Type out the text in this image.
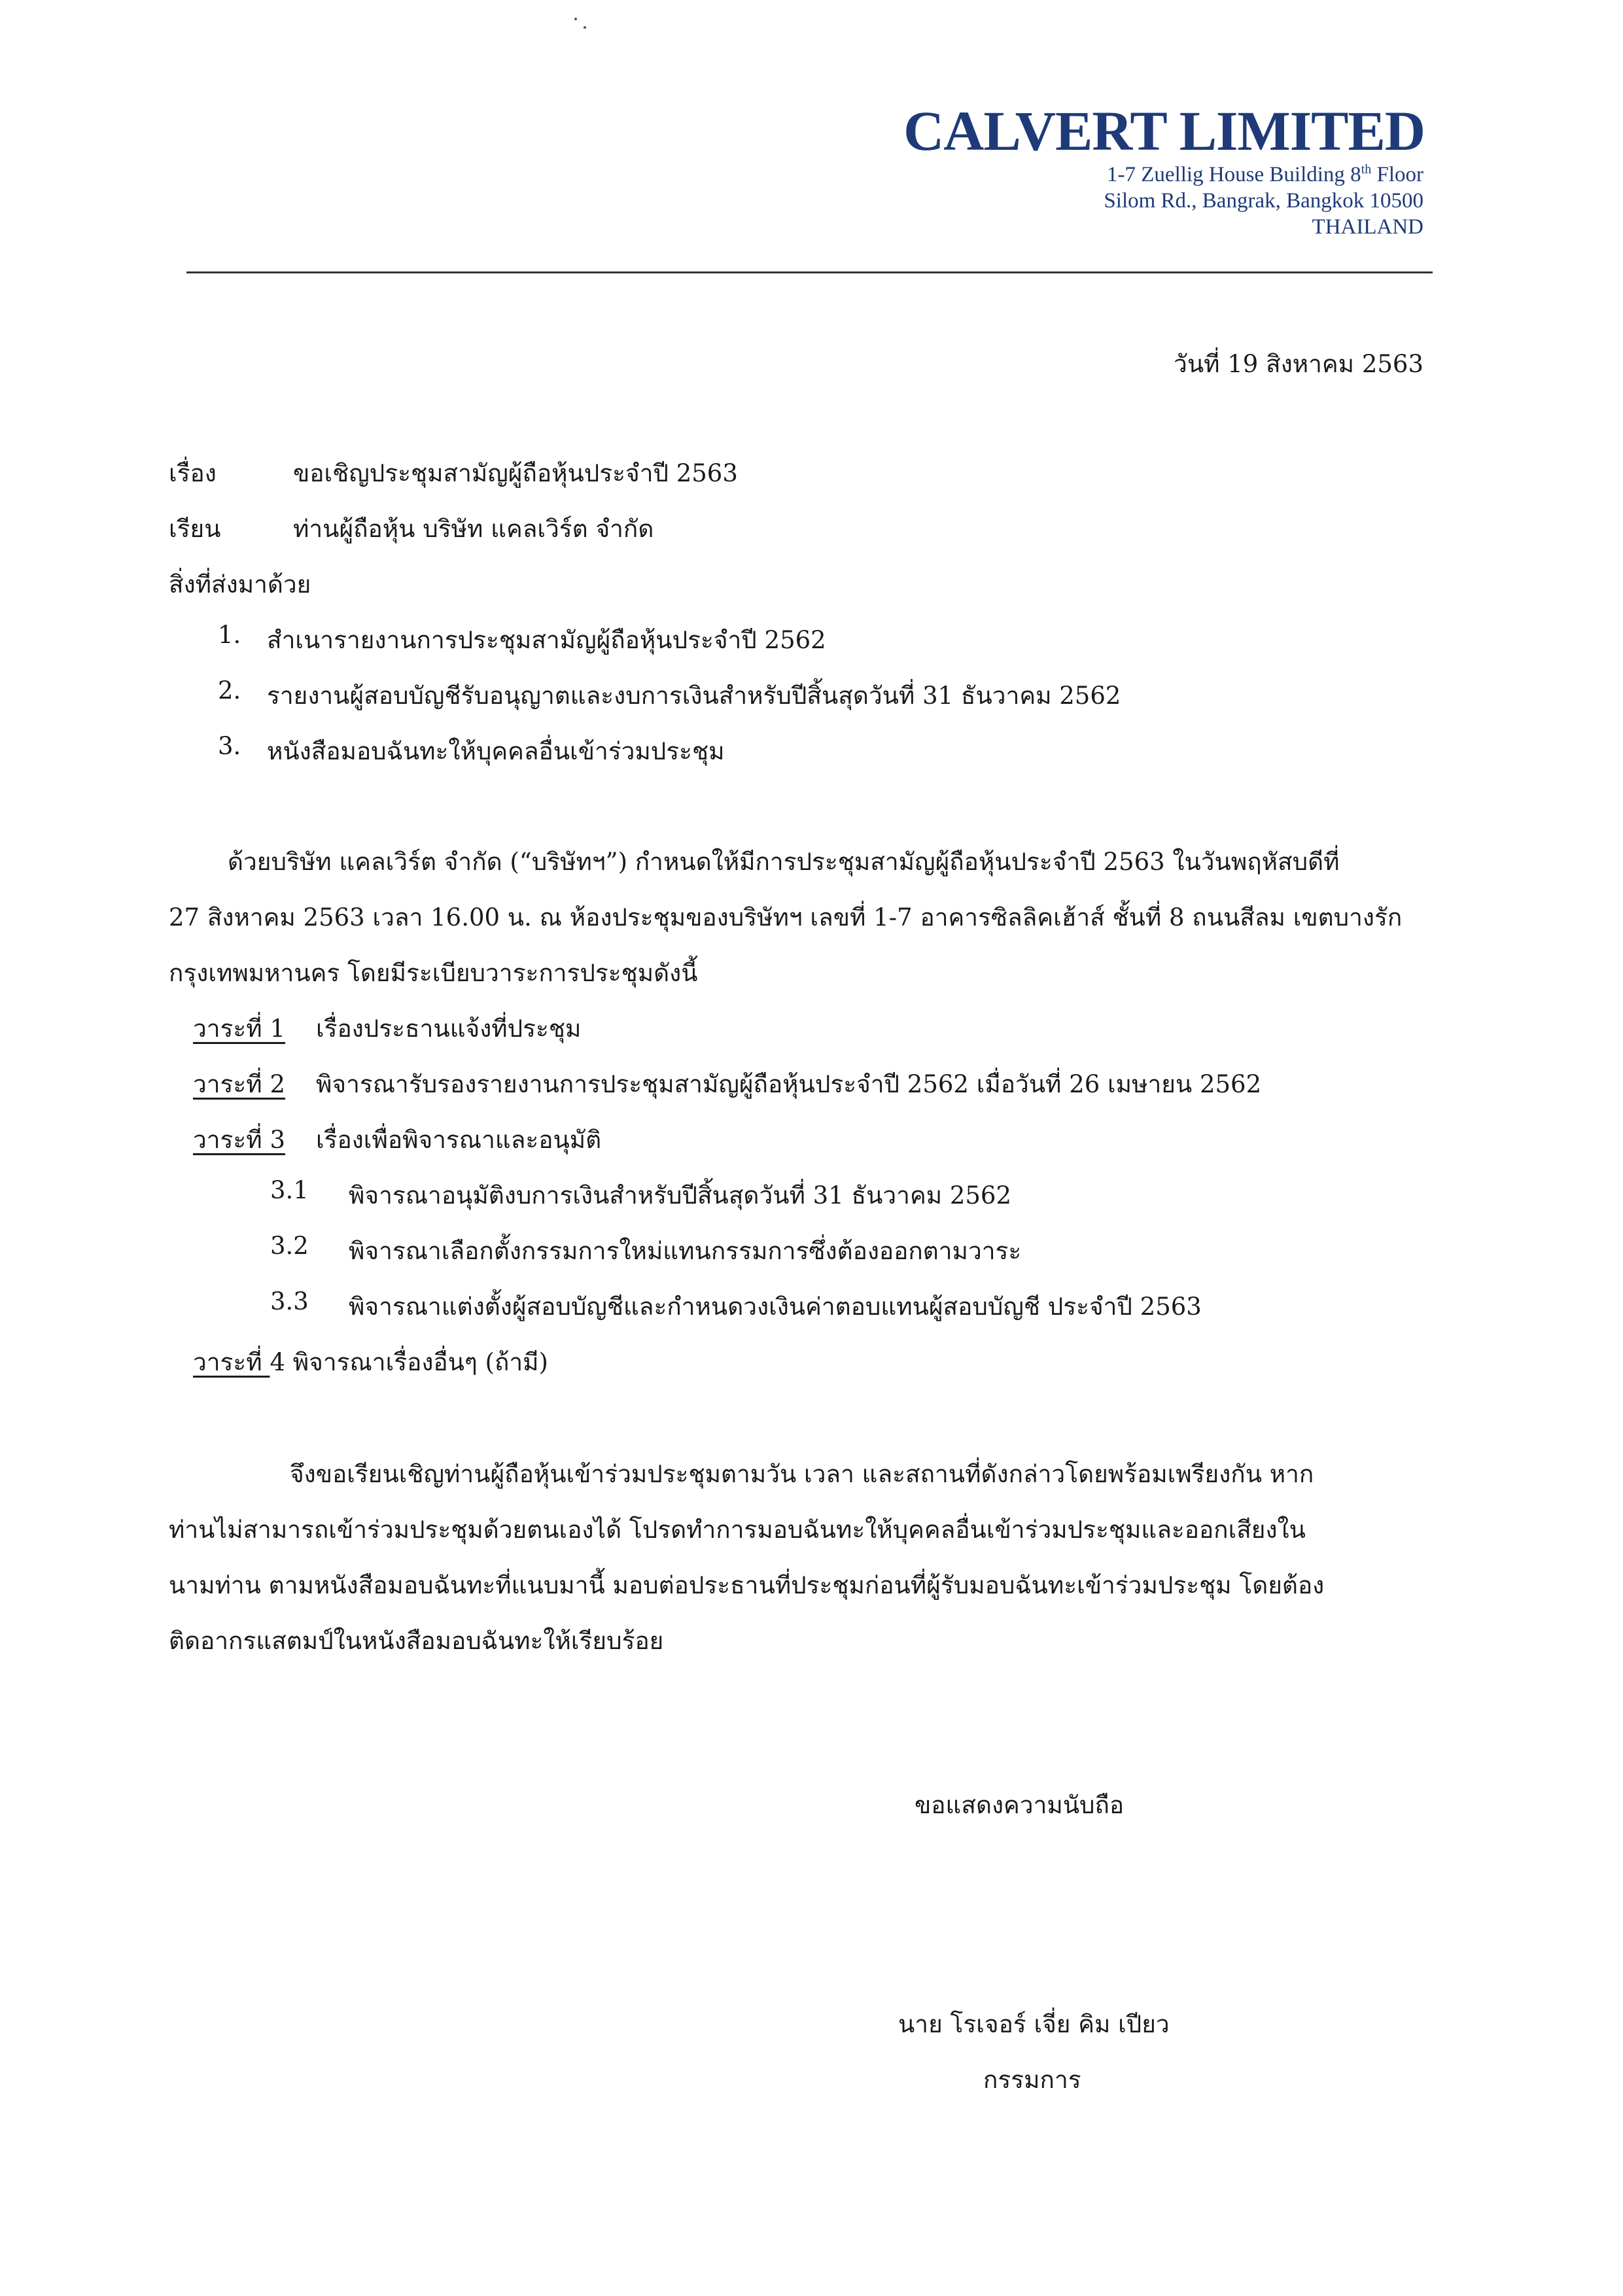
CALVERT LIMITED
1-7 Zuellig House Building 8th Floor
Silom Rd., Bangrak, Bangkok 10500
THAILAND
วันที่ 19 สิงหาคม 2563
เรื่อง	ขอเชิญประชุมสามัญผู้ถือหุ้นประจำปี 2563
เรียน	ท่านผู้ถือหุ้น บริษัท แคลเวิร์ต จำกัด
สิ่งที่ส่งมาด้วย
1. สำเนารายงานการประชุมสามัญผู้ถือหุ้นประจำปี 2562
2. รายงานผู้สอบบัญชีรับอนุญาตและงบการเงินสำหรับปีสิ้นสุดวันที่ 31 ธันวาคม 2562
3. หนังสือมอบฉันทะให้บุคคลอื่นเข้าร่วมประชุม
ด้วยบริษัท แคลเวิร์ต จำกัด (“บริษัทฯ”) กำหนดให้มีการประชุมสามัญผู้ถือหุ้นประจำปี 2563 ในวันพฤหัสบดีที่
27 สิงหาคม 2563 เวลา 16.00 น. ณ ห้องประชุมของบริษัทฯ เลขที่ 1-7 อาคารซิลลิคเฮ้าส์ ชั้นที่ 8 ถนนสีลม เขตบางรัก
กรุงเทพมหานคร โดยมีระเบียบวาระการประชุมดังนี้
วาระที่ 1 เรื่องประธานแจ้งที่ประชุม
วาระที่ 2 พิจารณารับรองรายงานการประชุมสามัญผู้ถือหุ้นประจำปี 2562 เมื่อวันที่ 26 เมษายน 2562
วาระที่ 3 เรื่องเพื่อพิจารณาและอนุมัติ
3.1 พิจารณาอนุมัติงบการเงินสำหรับปีสิ้นสุดวันที่ 31 ธันวาคม 2562
3.2 พิจารณาเลือกตั้งกรรมการใหม่แทนกรรมการซึ่งต้องออกตามวาระ
3.3 พิจารณาแต่งตั้งผู้สอบบัญชีและกำหนดวงเงินค่าตอบแทนผู้สอบบัญชี ประจำปี 2563
วาระที่ 4 พิจารณาเรื่องอื่นๆ (ถ้ามี)
จึงขอเรียนเชิญท่านผู้ถือหุ้นเข้าร่วมประชุมตามวัน เวลา และสถานที่ดังกล่าวโดยพร้อมเพรียงกัน หาก
ท่านไม่สามารถเข้าร่วมประชุมด้วยตนเองได้ โปรดทำการมอบฉันทะให้บุคคลอื่นเข้าร่วมประชุมและออกเสียงใน
นามท่าน ตามหนังสือมอบฉันทะที่แนบมานี้ มอบต่อประธานที่ประชุมก่อนที่ผู้รับมอบฉันทะเข้าร่วมประชุม โดยต้อง
ติดอากรแสตมป์ในหนังสือมอบฉันทะให้เรียบร้อย
ขอแสดงความนับถือ
นาย โรเจอร์ เจี่ย คิม เปียว
กรรมการ
